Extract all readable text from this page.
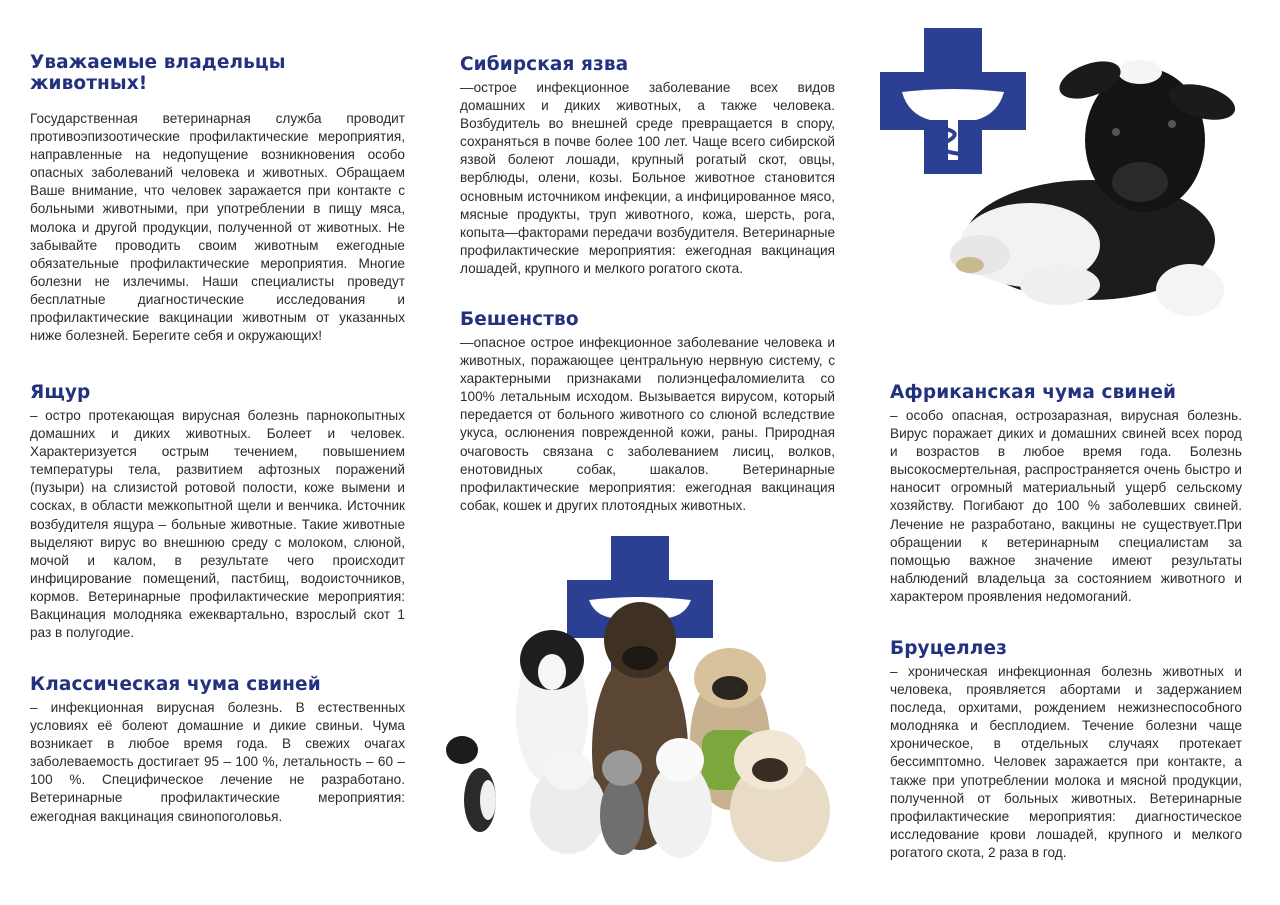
Уважаемые владельцы животных!

Государственная ветеринарная служба проводит противоэпизоотические профилактические мероприятия, направленные на недопущение возникновения особо опасных заболеваний человека и животных. Обращаем Ваше внимание, что человек заражается при контакте с больными животными, при употреблении в пищу мяса, молока и другой продукции, полученной от животных. Не забывайте проводить своим животным ежегодные обязательные профилактические мероприятия. Многие болезни не излечимы. Наши специалисты проведут бесплатные диагностические исследования и профилактические вакцинации животным от указанных ниже болезней. Берегите себя и окружающих!

Ящур

– остро протекающая вирусная болезнь парнокопытных домашних и диких животных. Болеет и человек. Характеризуется острым течением, повышением температуры тела, развитием афтозных поражений (пузыри) на слизистой ротовой полости, коже вымени и сосках, в области межкопытной щели и венчика. Источник возбудителя ящура – больные животные. Такие животные выделяют вирус во внешнюю среду с молоком, слюной, мочой и калом, в результате чего происходит инфицирование помещений, пастбищ, водоисточников, кормов. Ветеринарные профилактические мероприятия: Вакцинация молодняка ежеквартально, взрослый скот 1 раз в полугодие.

Классическая чума свиней

– инфекционная вирусная болезнь. В естественных условиях её болеют домашние и дикие свиньи. Чума возникает в любое время года. В свежих очагах заболеваемость достигает 95 – 100 %, летальность – 60 – 100 %. Специфическое лечение не разработано. Ветеринарные профилактические мероприятия: ежегодная вакцинация свинопоголовья.

Сибирская язва

—острое инфекционное заболевание всех видов домашних и диких животных, а также человека. Возбудитель во внешней среде превращается в спору, сохраняться в почве более 100 лет. Чаще всего сибирской язвой болеют лошади, крупный рогатый скот, овцы, верблюды, олени, козы. Больное животное становится основным источником инфекции, а инфицированное мясо, мясные продукты, труп животного, кожа, шерсть, рога, копыта—факторами передачи возбудителя. Ветеринарные профилактические мероприятия: ежегодная вакцинация лошадей, крупного и мелкого рогатого скота.

Бешенство

—опасное острое инфекционное заболевание человека и животных, поражающее центральную нервную систему, с характерными признаками полиэнцефаломиелита со 100% летальным исходом. Вызывается вирусом, который передается от больного животного со слюной вследствие укуса, ослюнения поврежденной кожи, раны. Природная очаговость связана с заболеванием лисиц, волков, енотовидных собак, шакалов. Ветеринарные профилактические мероприятия: ежегодная вакцинация собак, кошек и других плотоядных животных.

Африканская чума свиней

– особо опасная, острозаразная, вирусная болезнь. Вирус поражает диких и домашних свиней всех пород и возрастов в любое время года. Болезнь высокосмертельная, распространяется очень быстро и наносит огромный материальный ущерб сельскому хозяйству. Погибают до 100 % заболевших свиней. Лечение не разработано, вакцины не существует.При обращении к ветеринарным специалистам за помощью важное значение имеют результаты наблюдений владельца за состоянием животного и характером проявления недомоганий.

Бруцеллез

– хроническая инфекционная болезнь животных и человека, проявляется абортами и задержанием последа, орхитами, рождением нежизнеспособного молодняка и бесплодием. Течение болезни чаще хроническое, в отдельных случаях протекает бессимптомно. Человек заражается при контакте, а также при употреблении молока и мясной продукции, полученной от больных животных. Ветеринарные профилактические мероприятия: диагностическое исследование крови лошадей, крупного и мелкого рогатого скота, 2 раза в год.
